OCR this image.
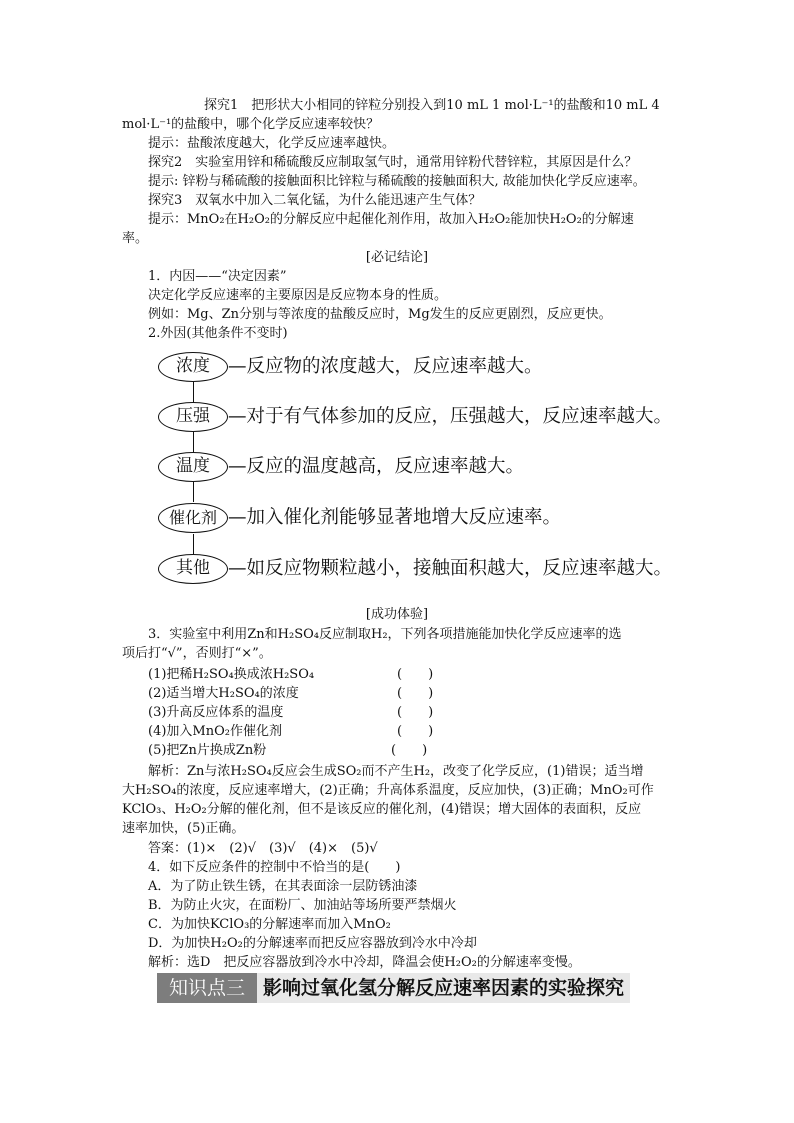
探究1　把形状大小相同的锌粒分别投入到10 mL 1 mol·L⁻¹的盐酸和10 mL 4
mol·L⁻¹的盐酸中，哪个化学反应速率较快？
提示：盐酸浓度越大，化学反应速率越快。
探究2　实验室用锌和稀硫酸反应制取氢气时，通常用锌粉代替锌粒，其原因是什么？
提示: 锌粉与稀硫酸的接触面积比锌粒与稀硫酸的接触面积大, 故能加快化学反应速率。
探究3　双氧水中加入二氧化锰，为什么能迅速产生气体？
提示：MnO₂在H₂O₂的分解反应中起催化剂作用，故加入H₂O₂能加快H₂O₂的分解速
率。
[必记结论]
1．内因——“决定因素”
决定化学反应速率的主要原因是反应物本身的性质。
例如：Mg、Zn分别与等浓度的盐酸反应时，Mg发生的反应更剧烈，反应更快。
2.外因(其他条件不变时)
浓度 —反应物的浓度越大，反应速率越大。
压强 —对于有气体参加的反应，压强越大，反应速率越大。
温度 —反应的温度越高，反应速率越大。
催化剂 —加入催化剂能够显著地增大反应速率。
其他 —如反应物颗粒越小，接触面积越大，反应速率越大。
[成功体验]
3．实验室中利用Zn和H₂SO₄反应制取H₂，下列各项措施能加快化学反应速率的选
项后打“√”，否则打“×”。
(1)把稀H₂SO₄换成浓H₂SO₄	(　　)
(2)适当增大H₂SO₄的浓度	(　　)
(3)升高反应体系的温度	(　　)
(4)加入MnO₂作催化剂	(　　)
(5)把Zn片换成Zn粉	(　　)
解析：Zn与浓H₂SO₄反应会生成SO₂而不产生H₂，改变了化学反应，(1)错误；适当增
大H₂SO₄的浓度，反应速率增大，(2)正确；升高体系温度，反应加快，(3)正确；MnO₂可作
KClO₃、H₂O₂分解的催化剂，但不是该反应的催化剂，(4)错误；增大固体的表面积，反应
速率加快，(5)正确。
答案：(1)×　(2)√　(3)√　(4)×　(5)√
4．如下反应条件的控制中不恰当的是(　　)
A．为了防止铁生锈，在其表面涂一层防锈油漆
B．为防止火灾，在面粉厂、加油站等场所要严禁烟火
C．为加快KClO₃的分解速率而加入MnO₂
D．为加快H₂O₂的分解速率而把反应容器放到冷水中冷却
解析：选D　把反应容器放到冷水中冷却，降温会使H₂O₂的分解速率变慢。
知识点三 影响过氧化氢分解反应速率因素的实验探究
